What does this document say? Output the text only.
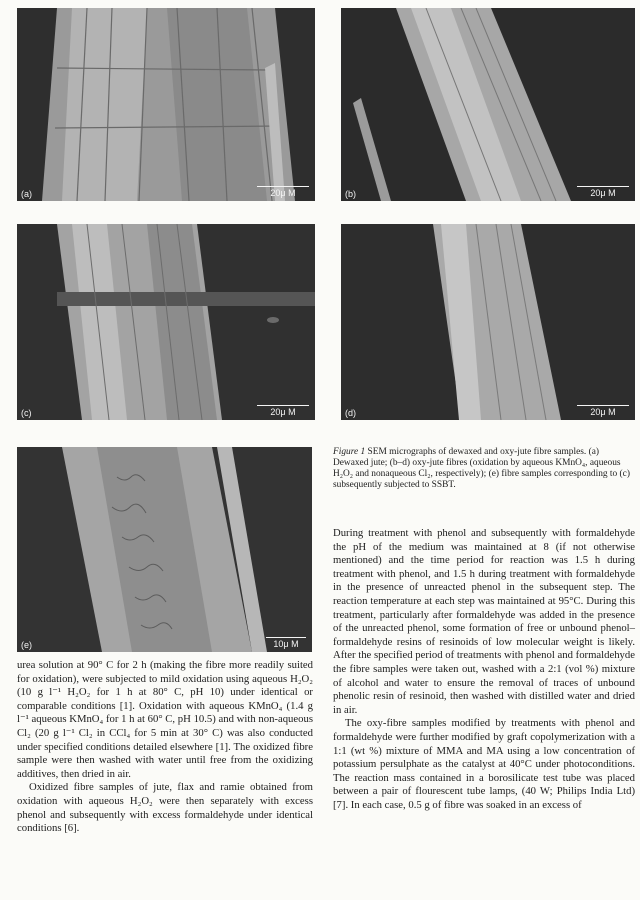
(a)	20μ M	(b)	20μ M
(c)	20μ M	(d)	20μ M
(e)	10μ M
Figure 1 SEM micrographs of dewaxed and oxy-jute fibre samples. (a) Dewaxed jute; (b–d) oxy-jute fibres (oxidation by aqueous KMnO₄, aqueous H₂O₂ and nonaqueous Cl₂, respectively); (e) fibre samples corresponding to (c) subsequently subjected to SSBT.

urea solution at 90° C for 2 h (making the fibre more readily suited for oxidation), were subjected to mild oxidation using aqueous H₂O₂ (10 g l⁻¹ H₂O₂ for 1 h at 80° C, pH 10) under identical or comparable conditions [1]. Oxidation with aqueous KMnO₄ (1.4 g l⁻¹ aqueous KMnO₄ for 1 h at 60° C, pH 10.5) and with non-aqueous Cl₂ (20 g l⁻¹ Cl₂ in CCl₄ for 5 min at 30° C) was also conducted under specified conditions detailed elsewhere [1]. The oxidized fibre sample were then washed with water until free from the oxidizing additives, then dried in air.

Oxidized fibre samples of jute, flax and ramie obtained from oxidation with aqueous H₂O₂ were then separately with excess phenol and subsequently with excess formaldehyde under identical conditions [6].

During treatment with phenol and subsequently with formaldehyde the pH of the medium was maintained at 8 (if not otherwise mentioned) and the time period for reaction was 1.5 h during treatment with phenol, and 1.5 h during treatment with formaldehyde in the presence of unreacted phenol in the subsequent step. The reaction temperature at each step was maintained at 95°C. During this treatment, particularly after formaldehyde was added in the presence of the unreacted phenol, some formation of free or unbound phenol–formaldehyde resins of resinoids of low molecular weight is likely. After the specified period of treatments with phenol and formaldehyde the fibre samples were taken out, washed with a 2:1 (vol %) mixture of alcohol and water to ensure the removal of traces of unbound phenolic resin of resinoid, then washed with distilled water and dried in air.

The oxy-fibre samples modified by treatments with phenol and formaldehyde were further modified by graft copolymerization with a 1:1 (wt %) mixture of MMA and MA using a low concentration of potassium persulphate as the catalyst at 40°C under photoconditions. The reaction mass contained in a borosilicate test tube was placed between a pair of flourescent tube lamps, (40 W; Philips India Ltd) [7]. In each case, 0.5 g of fibre was soaked in an excess of
